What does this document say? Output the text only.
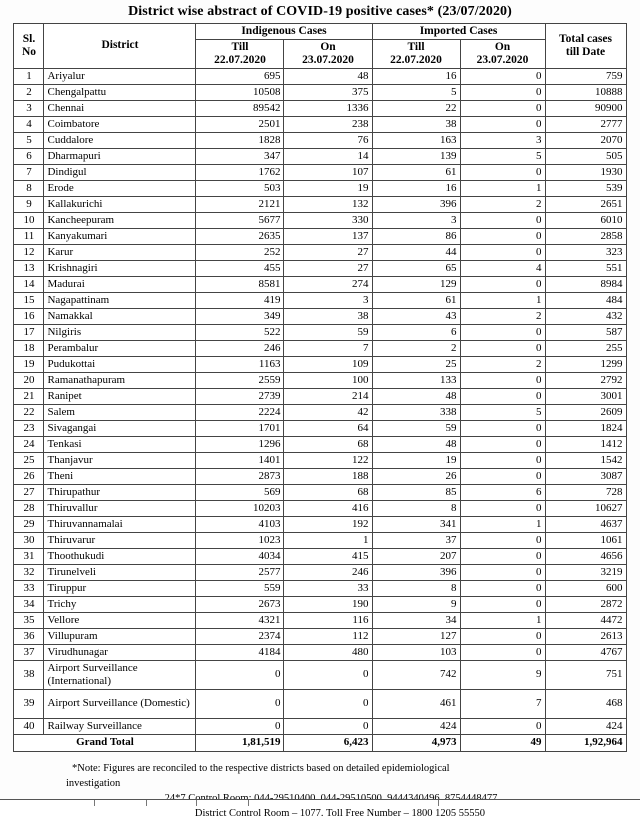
District wise abstract of COVID-19 positive cases* (23/07/2020)
Sl.
No	District	Indigenous Cases		Imported Cases		Total cases
till Date
		Till
22.07.2020	On
23.07.2020	Till
22.07.2020	On
23.07.2020	
1	Ariyalur	695	48	16	0	759
2	Chengalpattu	10508	375	5	0	10888
3	Chennai	89542	1336	22	0	90900
4	Coimbatore	2501	238	38	0	2777
5	Cuddalore	1828	76	163	3	2070
6	Dharmapuri	347	14	139	5	505
7	Dindigul	1762	107	61	0	1930
8	Erode	503	19	16	1	539
9	Kallakurichi	2121	132	396	2	2651
10	Kancheepuram	5677	330	3	0	6010
11	Kanyakumari	2635	137	86	0	2858
12	Karur	252	27	44	0	323
13	Krishnagiri	455	27	65	4	551
14	Madurai	8581	274	129	0	8984
15	Nagapattinam	419	3	61	1	484
16	Namakkal	349	38	43	2	432
17	Nilgiris	522	59	6	0	587
18	Perambalur	246	7	2	0	255
19	Pudukottai	1163	109	25	2	1299
20	Ramanathapuram	2559	100	133	0	2792
21	Ranipet	2739	214	48	0	3001
22	Salem	2224	42	338	5	2609
23	Sivagangai	1701	64	59	0	1824
24	Tenkasi	1296	68	48	0	1412
25	Thanjavur	1401	122	19	0	1542
26	Theni	2873	188	26	0	3087
27	Thirupathur	569	68	85	6	728
28	Thiruvallur	10203	416	8	0	10627
29	Thiruvannamalai	4103	192	341	1	4637
30	Thiruvarur	1023	1	37	0	1061
31	Thoothukudi	4034	415	207	0	4656
32	Tirunelveli	2577	246	396	0	3219
33	Tiruppur	559	33	8	0	600
34	Trichy	2673	190	9	0	2872
35	Vellore	4321	116	34	1	4472
36	Villupuram	2374	112	127	0	2613
37	Virudhunagar	4184	480	103	0	4767
38	Airport Surveillance (International)	0	0	742	9	751
39	Airport Surveillance (Domestic)	0	0	461	7	468
40	Railway Surveillance	0	0	424	0	424
Grand Total		1,81,519	6,423	4,973	49	1,92,964
*Note: Figures are reconciled to the respective districts based on detailed epidemiological
investigation
District Control Room – 1077. Toll Free Number – 1800 1205 55550
